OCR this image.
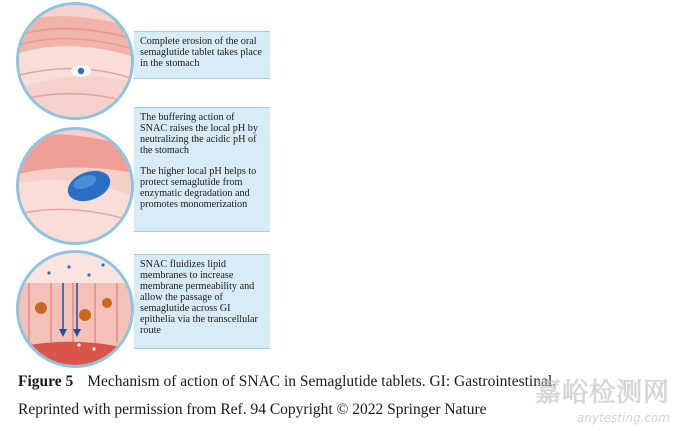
Complete erosion of the oral semaglutide tablet takes place in the stomach

The buffering action of SNAC raises the local pH by neutralizing the acidic pH of the stomach

The higher local pH helps to protect semaglutide from enzymatic degradation and promotes monomerization

SNAC fluidizes lipid membranes to increase membrane permeability and allow the passage of semaglutide across GI epithelia via the transcellular route

Figure 5 Mechanism of action of SNAC in Semaglutide tablets. GI: Gastrointestinal.
Reprinted with permission from Ref. 94 Copyright © 2022 Springer Nature
嘉峪检测网
anytesting.com
